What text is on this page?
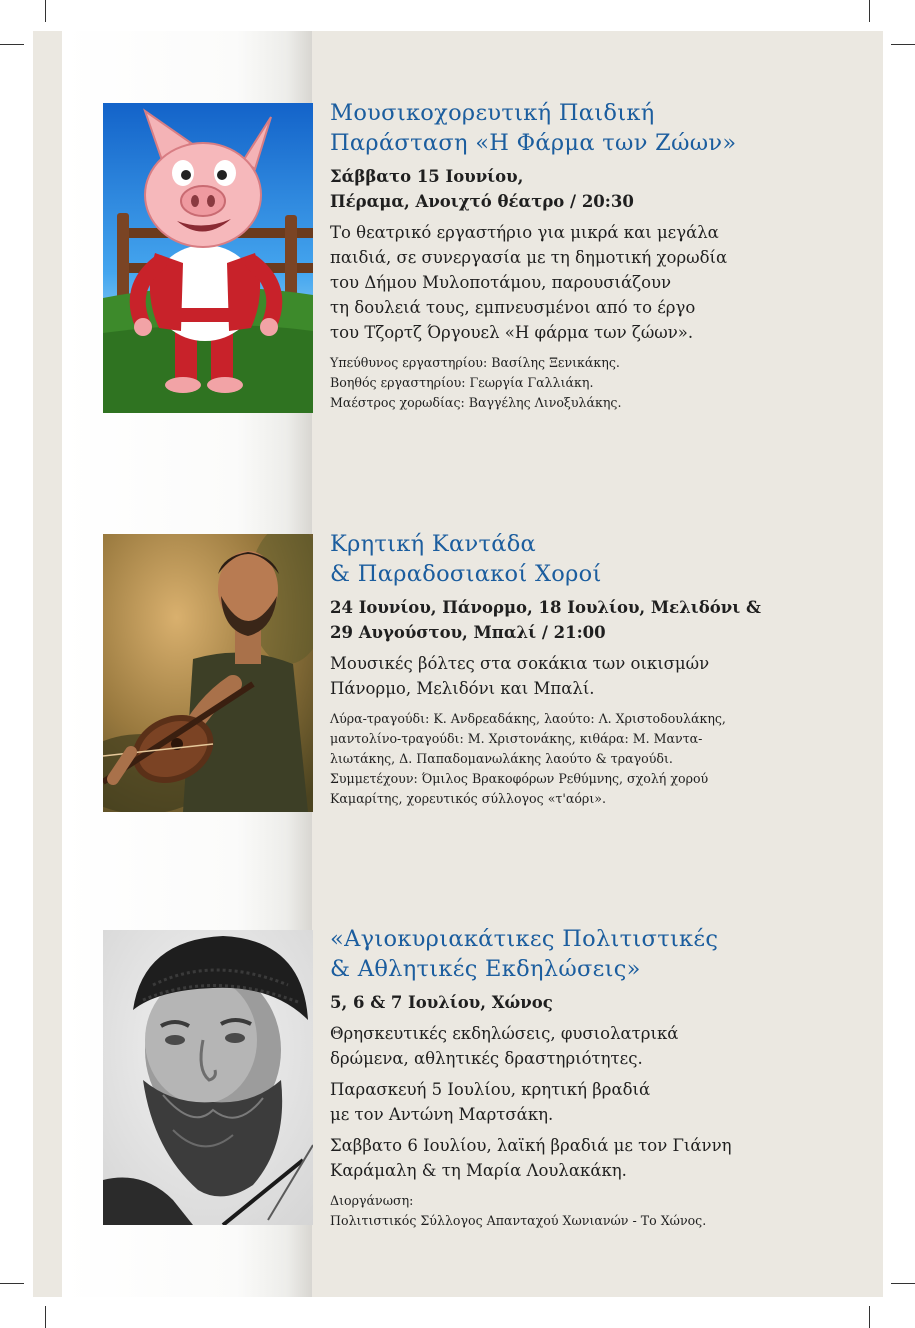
Μουσικοχορευτική Παιδική
Παράσταση «Η Φάρμα των Ζώων»

Σάββατο 15 Ιουνίου,
Πέραμα, Ανοιχτό θέατρο / 20:30

Το θεατρικό εργαστήριο για μικρά και μεγάλα
παιδιά, σε συνεργασία με τη δημοτική χορωδία
του Δήμου Μυλοποτάμου, παρουσιάζουν
τη δουλειά τους, εμπνευσμένοι από το έργο
του Τζορτζ Όργουελ «Η φάρμα των ζώων».

Υπεύθυνος εργαστηρίου: Βασίλης Ξενικάκης.
Βοηθός εργαστηρίου: Γεωργία Γαλλιάκη.
Μαέστρος χορωδίας: Βαγγέλης Λινοξυλάκης.

Κρητική Καντάδα
& Παραδοσιακοί Χοροί

24 Ιουνίου, Πάνορμο, 18 Ιουλίου, Μελιδόνι &
29 Αυγούστου, Μπαλί / 21:00

Μουσικές βόλτες στα σοκάκια των οικισμών
Πάνορμο, Μελιδόνι και Μπαλί.

Λύρα-τραγούδι: Κ. Ανδρεαδάκης, λαούτο: Λ. Χριστοδουλάκης,
μαντολίνο-τραγούδι: Μ. Χριστονάκης, κιθάρα: Μ. Μαντα-
λιωτάκης, Δ. Παπαδομανωλάκης λαούτο & τραγούδι.
Συμμετέχουν: Όμιλος Βρακοφόρων Ρεθύμνης, σχολή χορού
Καμαρίτης, χορευτικός σύλλογος «τ'αόρι».

«Αγιοκυριακάτικες Πολιτιστικές
& Αθλητικές Εκδηλώσεις»

5, 6 & 7 Ιουλίου, Χώνος

Θρησκευτικές εκδηλώσεις, φυσιολατρικά
δρώμενα, αθλητικές δραστηριότητες.

Παρασκευή 5 Ιουλίου, κρητική βραδιά
με τον Αντώνη Μαρτσάκη.

Σαββατο 6 Ιουλίου, λαϊκή βραδιά με τον Γιάννη
Καράμαλη & τη Μαρία Λουλακάκη.

Διοργάνωση:
Πολιτιστικός Σύλλογος Απανταχού Χωνιανών - Το Χώνος.
